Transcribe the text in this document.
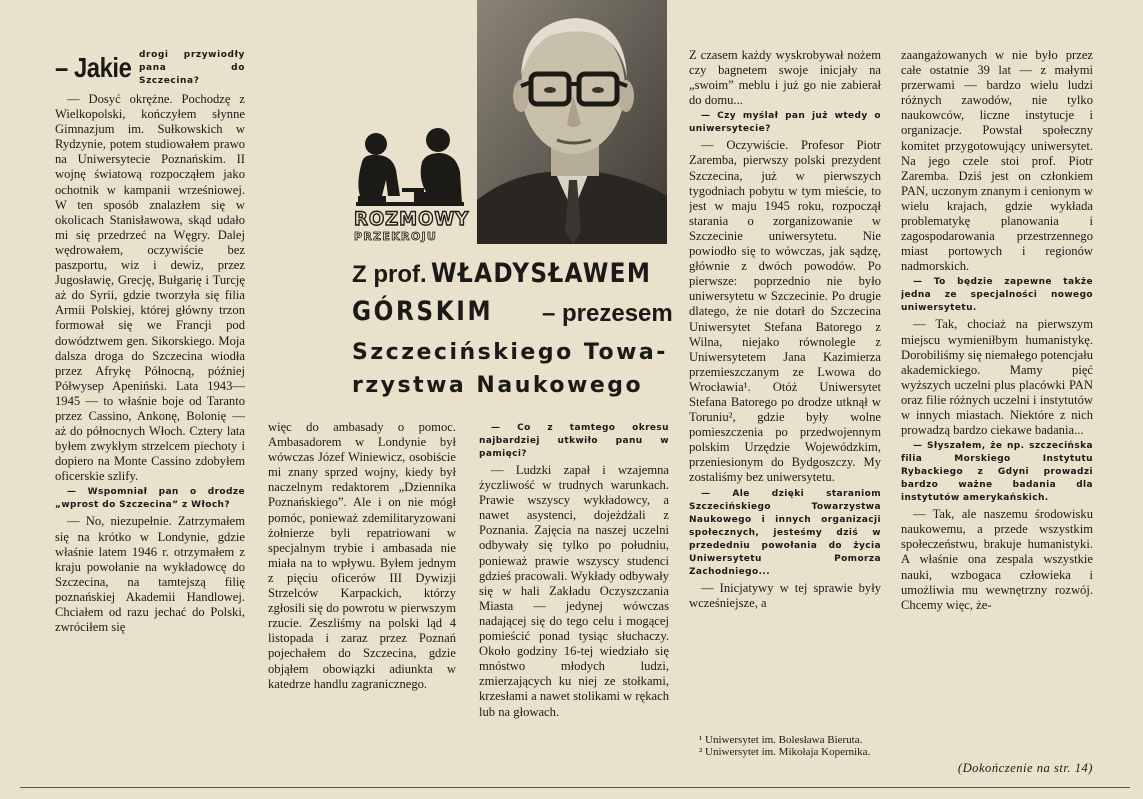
– Jakie drogi przywiodły pana do Szczecina?

— Dosyć okrężne. Pochodzę z Wielkopolski, kończyłem słynne Gimnazjum im. Sułkowskich w Rydzynie, potem studiowałem prawo na Uniwersytecie Poznańskim. II wojnę światową rozpocząłem jako ochotnik w kampanii wrześniowej. W ten sposób znalazłem się w okolicach Stanisławowa, skąd udało mi się przedrzeć na Węgry. Dalej wędrowałem, oczywiście bez paszportu, wiz i dewiz, przez Jugosławię, Grecję, Bułgarię i Turcję aż do Syrii, gdzie tworzyła się filia Armii Polskiej, której główny trzon formował się we Francji pod dowództwem gen. Sikorskiego. Moja dalsza droga do Szczecina wiodła przez Afrykę Północną, później Półwysep Apeniński. Lata 1943—1945 — to właśnie boje od Taranto przez Cassino, Ankonę, Bolonię — aż do północnych Włoch. Cztery lata byłem zwykłym strzelcem piechoty i dopiero na Monte Cassino zdobyłem oficerskie szlify.

— Wspomniał pan o drodze „wprost do Szczecina” z Włoch?

— No, niezupełnie. Zatrzymałem się na krótko w Londynie, gdzie właśnie latem 1946 r. otrzymałem z kraju powołanie na wykładowcę do Szczecina, na tamtejszą filię poznańskiej Akademii Handlowej. Chciałem od razu jechać do Polski, zwróciłem się

ROZMOWY
PRZEKROJU
Z prof. WŁADYSŁAWEM
GÓRSKIM – prezesem
Szczecińskiego Towa-
rzystwa Naukowego

więc do ambasady o pomoc. Ambasadorem w Londynie był wówczas Józef Winiewicz, osobiście mi znany sprzed wojny, kiedy był naczelnym redaktorem „Dziennika Poznańskiego”. Ale i on nie mógł pomóc, ponieważ zdemilitaryzowani żołnierze byli repatriowani w specjalnym trybie i ambasada nie miała na to wpływu. Byłem jednym z pięciu oficerów III Dywizji Strzelców Karpackich, którzy zgłosili się do powrotu w pierwszym rzucie. Zeszliśmy na polski ląd 4 listopada i zaraz przez Poznań pojechałem do Szczecina, gdzie objąłem obowiązki adiunkta w katedrze handlu zagranicznego.

— Co z tamtego okresu najbardziej utkwiło panu w pamięci?

— Ludzki zapał i wzajemna życzliwość w trudnych warunkach. Prawie wszyscy wykładowcy, a nawet asystenci, dojeżdżali z Poznania. Zajęcia na naszej uczelni odbywały się tylko po południu, ponieważ prawie wszyscy studenci gdzieś pracowali. Wykłady odbywały się w hali Zakładu Oczyszczania Miasta — jedynej wówczas nadającej się do tego celu i mogącej pomieścić ponad tysiąc słuchaczy. Około godziny 16-tej wiedziało się mnóstwo młodych ludzi, zmierzających ku niej ze stołkami, krzesłami a nawet stolikami w rękach lub na głowach.

Z czasem każdy wyskrobywał nożem czy bagnetem swoje inicjały na „swoim” meblu i już go nie zabierał do domu...

— Czy myślał pan już wtedy o uniwersytecie?

— Oczywiście. Profesor Piotr Zaremba, pierwszy polski prezydent Szczecina, już w pierwszych tygodniach pobytu w tym mieście, to jest w maju 1945 roku, rozpoczął starania o zorganizowanie w Szczecinie uniwersytetu. Nie powiodło się to wówczas, jak sądzę, głównie z dwóch powodów. Po pierwsze: poprzednio nie było uniwersytetu w Szczecinie. Po drugie dlatego, że nie dotarł do Szczecina Uniwersytet Stefana Batorego z Wilna, niejako równolegle z Uniwersytetem Jana Kazimierza przemieszczanym ze Lwowa do Wrocławia¹. Otóż Uniwersytet Stefana Batorego po drodze utknął w Toruniu², gdzie były wolne pomieszczenia po przedwojennym polskim Urzędzie Wojewódzkim, przeniesionym do Bydgoszczy. My zostaliśmy bez uniwersytetu.

— Ale dzięki staraniom Szczecińskiego Towarzystwa Naukowego i innych organizacji społecznych, jesteśmy dziś w przededniu powołania do życia Uniwersytetu Pomorza Zachodniego...

— Inicjatywy w tej sprawie były wcześniejsze, a

¹ Uniwersytet im. Bolesława Bieruta.

² Uniwersytet im. Mikołaja Kopernika.

zaangażowanych w nie było przez całe ostatnie 39 lat — z małymi przerwami — bardzo wielu ludzi różnych zawodów, nie tylko naukowców, liczne instytucje i organizacje. Powstał społeczny komitet przygotowujący uniwersytet. Na jego czele stoi prof. Piotr Zaremba. Dziś jest on członkiem PAN, uczonym znanym i cenionym w wielu krajach, gdzie wykłada problematykę planowania i zagospodarowania przestrzennego miast portowych i regionów nadmorskich.

— To będzie zapewne także jedna ze specjalności nowego uniwersytetu.

— Tak, chociaż na pierwszym miejscu wymieniłbym humanistykę. Dorobiliśmy się niemałego potencjału akademickiego. Mamy pięć wyższych uczelni plus placówki PAN oraz filie różnych uczelni i instytutów w innych miastach. Niektóre z nich prowadzą bardzo ciekawe badania...

— Słyszałem, że np. szczecińska filia Morskiego Instytutu Rybackiego z Gdyni prowadzi bardzo ważne badania dla instytutów amerykańskich.

— Tak, ale naszemu środowisku naukowemu, a przede wszystkim społeczeństwu, brakuje humanistyki. A właśnie ona zespala wszystkie nauki, wzbogaca człowieka i umożliwia mu wewnętrzny rozwój. Chcemy więc, że-

(Dokończenie na str. 14)
